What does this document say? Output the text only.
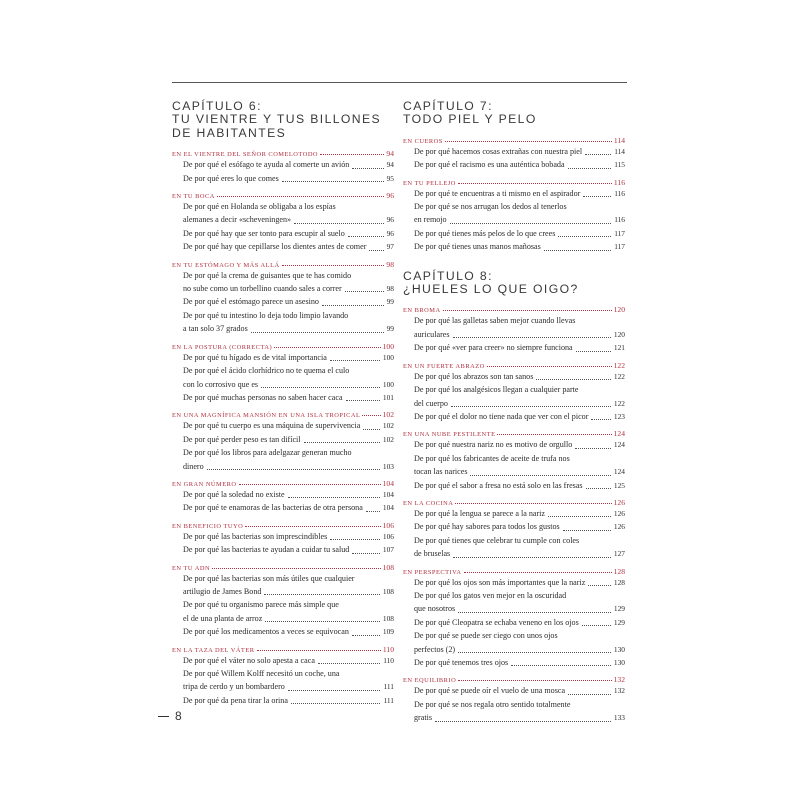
CAPÍTULO 6:
TU VIENTRE Y TUS BILLONES
DE HABITANTES
EN EL VIENTRE DEL SEÑOR COMELOTODO	94
De por qué el esófago te ayuda al comerte un avión	94
De por qué eres lo que comes	95
EN TU BOCA	96
De por qué en Holanda se obligaba a los espías
alemanes a decir «scheveningen»	96
De por qué hay que ser tonto para escupir al suelo	96
De por qué hay que cepillarse los dientes antes de comer	97
EN TU ESTÓMAGO Y MÁS ALLÁ	98
De por qué la crema de guisantes que te has comido
no sube como un torbellino cuando sales a correr	98
De por qué el estómago parece un asesino	99
De por qué tu intestino lo deja todo limpio lavando
a tan solo 37 grados	99
EN LA POSTURA (CORRECTA)	100
De por qué tu hígado es de vital importancia	100
De por qué el ácido clorhídrico no te quema el culo
con lo corrosivo que es	100
De por qué muchas personas no saben hacer caca	101
EN UNA MAGNÍFICA MANSIÓN EN UNA ISLA TROPICAL	102
De por qué tu cuerpo es una máquina de supervivencia	102
De por qué perder peso es tan difícil	102
De por qué los libros para adelgazar generan mucho
dinero	103
EN GRAN NÚMERO	104
De por qué la soledad no existe	104
De por qué te enamoras de las bacterias de otra persona	104
EN BENEFICIO TUYO	106
De por qué las bacterias son imprescindibles	106
De por qué las bacterias te ayudan a cuidar tu salud	107
EN TU ADN	108
De por qué las bacterias son más útiles que cualquier
artilugio de James Bond	108
De por qué tu organismo parece más simple que
el de una planta de arroz	108
De por qué los medicamentos a veces se equivocan	109
EN LA TAZA DEL VÁTER	110
De por qué el váter no solo apesta a caca	110
De por qué Willem Kolff necesitó un coche, una
tripa de cerdo y un bombardero	111
De por qué da pena tirar la orina	111
CAPÍTULO 7:
TODO PIEL Y PELO
EN CUEROS	114
De por qué hacemos cosas extrañas con nuestra piel	114
De por qué el racismo es una auténtica bobada	115
EN TU PELLEJO	116
De por qué te encuentras a ti mismo en el aspirador	116
De por qué se nos arrugan los dedos al tenerlos
en remojo	116
De por qué tienes más pelos de lo que crees	117
De por qué tienes unas manos mañosas	117
CAPÍTULO 8:
¿HUELES LO QUE OIGO?
EN BROMA	120
De por qué las galletas saben mejor cuando llevas
auriculares	120
De por qué «ver para creer» no siempre funciona	121
EN UN FUERTE ABRAZO	122
De por qué los abrazos son tan sanos	122
De por qué los analgésicos llegan a cualquier parte
del cuerpo	122
De por qué el dolor no tiene nada que ver con el picor	123
EN UNA NUBE PESTILENTE	124
De por qué nuestra nariz no es motivo de orgullo	124
De por qué los fabricantes de aceite de trufa nos
tocan las narices	124
De por qué el sabor a fresa no está solo en las fresas	125
EN LA COCINA	126
De por qué la lengua se parece a la nariz	126
De por qué hay sabores para todos los gustos	126
De por qué tienes que celebrar tu cumple con coles
de bruselas	127
EN PERSPECTIVA	128
De por qué los ojos son más importantes que la nariz	128
De por qué los gatos ven mejor en la oscuridad
que nosotros	129
De por qué Cleopatra se echaba veneno en los ojos	129
De por qué se puede ser ciego con unos ojos
perfectos (2)	130
De por qué tenemos tres ojos	130
EN EQUILIBRIO	132
De por qué se puede oír el vuelo de una mosca	132
De por qué se nos regala otro sentido totalmente
gratis	133
8
